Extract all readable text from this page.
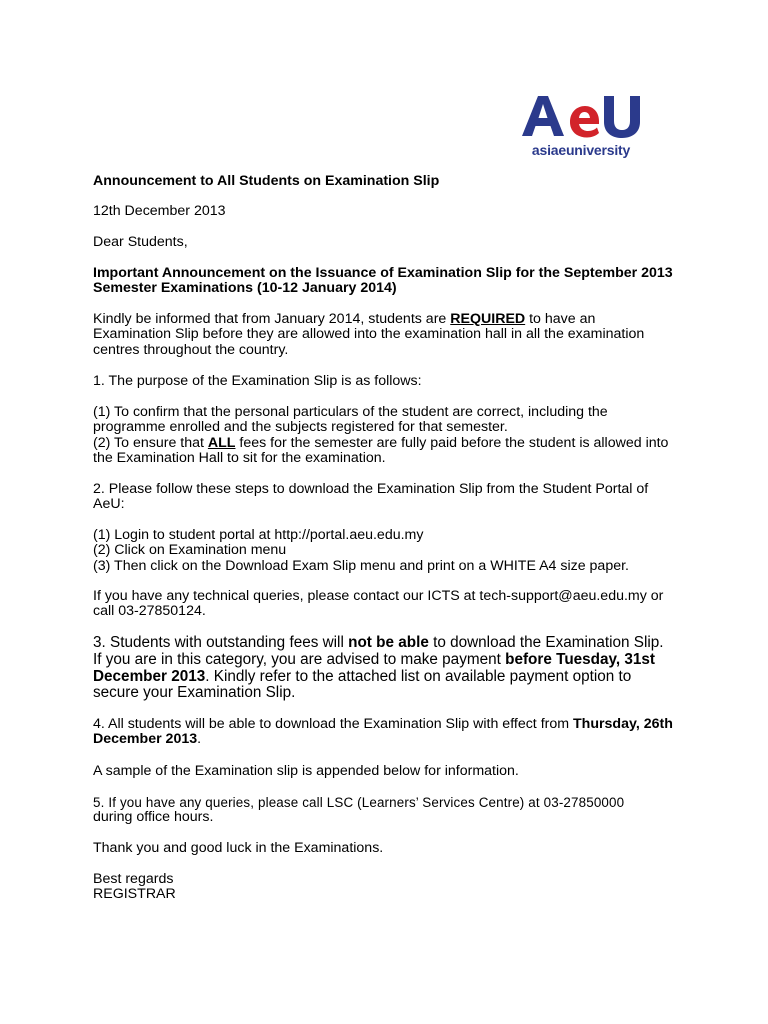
asiaeuniversity

Announcement to All Students on Examination Slip

12th December 2013

Dear Students,

Important Announcement on the Issuance of Examination Slip for the September 2013
Semester Examinations (10-12 January 2014)

Kindly be informed that from January 2014, students are REQUIRED to have an
Examination Slip before they are allowed into the examination hall in all the examination
centres throughout the country.

1. The purpose of the Examination Slip is as follows:

(1) To confirm that the personal particulars of the student are correct, including the
programme enrolled and the subjects registered for that semester.
(2) To ensure that ALL fees for the semester are fully paid before the student is allowed into
the Examination Hall to sit for the examination.

2. Please follow these steps to download the Examination Slip from the Student Portal of
AeU:

(1) Login to student portal at http://portal.aeu.edu.my
(2) Click on Examination menu
(3) Then click on the Download Exam Slip menu and print on a WHITE A4 size paper.

If you have any technical queries, please contact our ICTS at tech-support@aeu.edu.my or
call 03-27850124.

3. Students with outstanding fees will not be able to download the Examination Slip.
If you are in this category, you are advised to make payment before Tuesday, 31st
December 2013. Kindly refer to the attached list on available payment option to
secure your Examination Slip.

4. All students will be able to download the Examination Slip with effect from Thursday, 26th
December 2013.

A sample of the Examination slip is appended below for information.

5. If you have any queries, please call LSC (Learners’ Services Centre) at 03-27850000
during office hours.

Thank you and good luck in the Examinations.

Best regards
REGISTRAR
